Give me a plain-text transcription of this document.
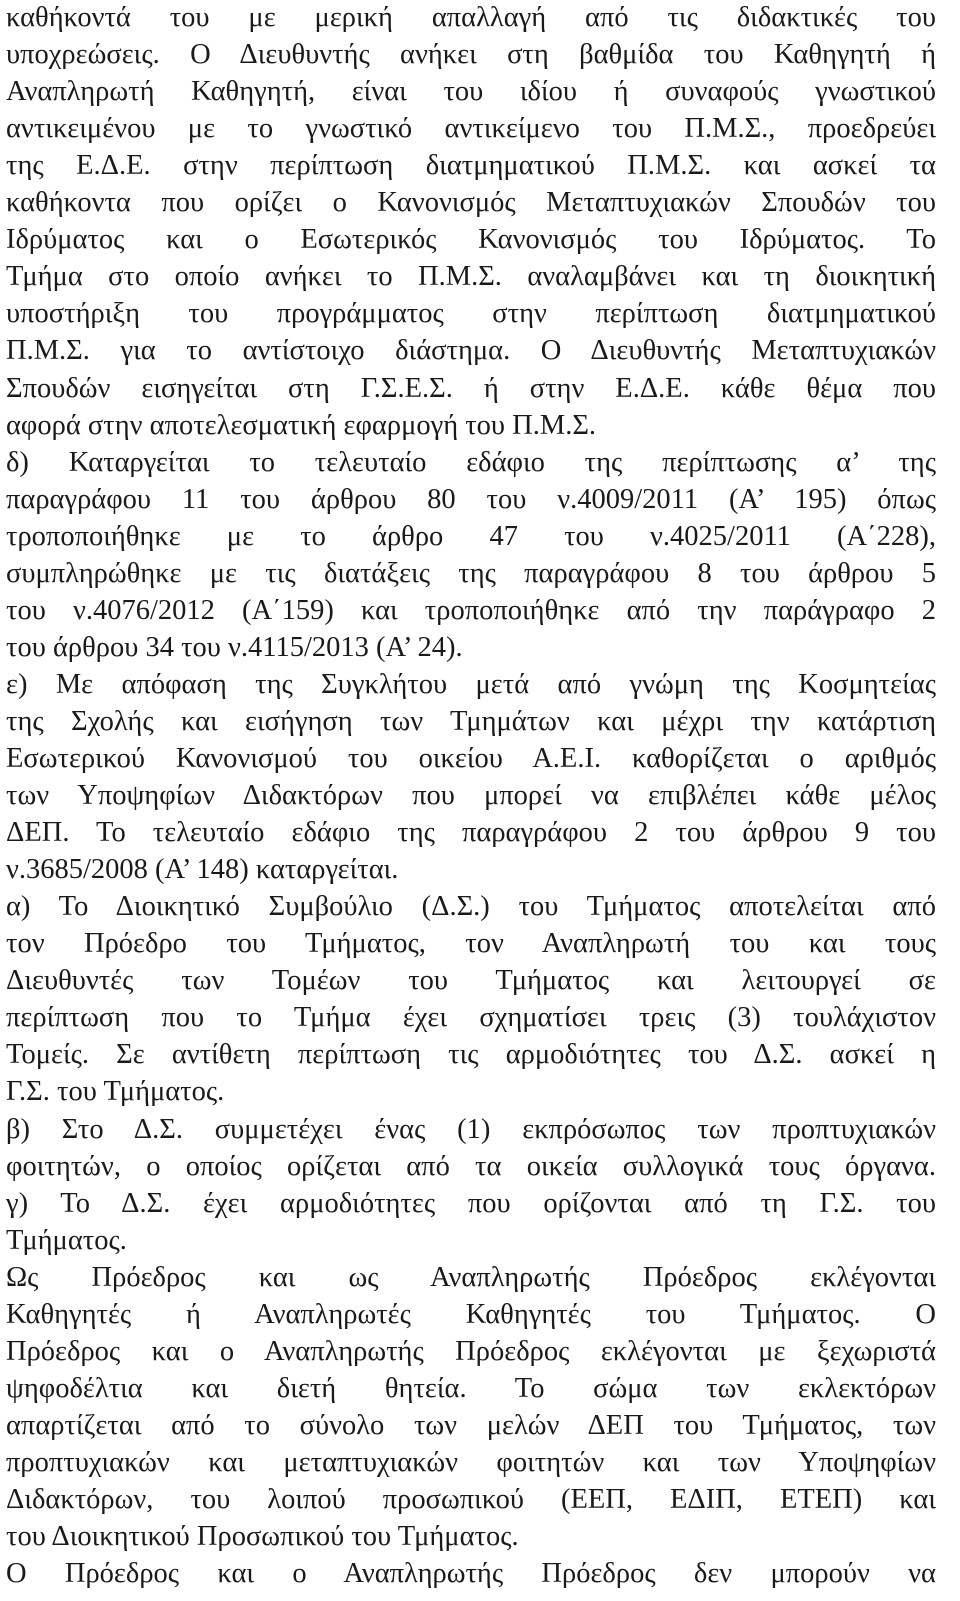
καθήκοντά του με μερική απαλλαγή από τις διδακτικές του
υποχρεώσεις. Ο Διευθυντής ανήκει στη βαθμίδα του Καθηγητή ή
Αναπληρωτή Καθηγητή, είναι του ιδίου ή συναφούς γνωστικού
αντικειμένου με το γνωστικό αντικείμενο του Π.Μ.Σ., προεδρεύει
της Ε.Δ.Ε. στην περίπτωση διατμηματικού Π.Μ.Σ. και ασκεί τα
καθήκοντα που ορίζει ο Κανονισμός Μεταπτυχιακών Σπουδών του
Ιδρύματος και ο Εσωτερικός Κανονισμός του Ιδρύματος. Το
Τμήμα στο οποίο ανήκει το Π.Μ.Σ. αναλαμβάνει και τη διοικητική
υποστήριξη του προγράμματος στην περίπτωση διατμηματικού
Π.Μ.Σ. για το αντίστοιχο διάστημα. Ο Διευθυντής Μεταπτυχιακών
Σπουδών εισηγείται στη Γ.Σ.Ε.Σ. ή στην Ε.Δ.Ε. κάθε θέμα που
αφορά στην αποτελεσματική εφαρμογή του Π.Μ.Σ.
δ) Καταργείται το τελευταίο εδάφιο της περίπτωσης α’ της
παραγράφου 11 του άρθρου 80 του ν.4009/2011 (Α’ 195) όπως
τροποποιήθηκε με το άρθρο 47 του ν.4025/2011 (Α΄228),
συμπληρώθηκε με τις διατάξεις της παραγράφου 8 του άρθρου 5
του ν.4076/2012 (Α΄159) και τροποποιήθηκε από την παράγραφο 2
του άρθρου 34 του ν.4115/2013 (Α’ 24).
ε) Με απόφαση της Συγκλήτου μετά από γνώμη της Κοσμητείας
της Σχολής και εισήγηση των Τμημάτων και μέχρι την κατάρτιση
Εσωτερικού Κανονισμού του οικείου Α.Ε.Ι. καθορίζεται ο αριθμός
των Υποψηφίων Διδακτόρων που μπορεί να επιβλέπει κάθε μέλος
ΔΕΠ. Το τελευταίο εδάφιο της παραγράφου 2 του άρθρου 9 του
ν.3685/2008 (Α’ 148) καταργείται.
α) Το Διοικητικό Συμβούλιο (Δ.Σ.) του Τμήματος αποτελείται από
τον Πρόεδρο του Τμήματος, τον Αναπληρωτή του και τους
Διευθυντές των Τομέων του Τμήματος και λειτουργεί σε
περίπτωση που το Τμήμα έχει σχηματίσει τρεις (3) τουλάχιστον
Τομείς. Σε αντίθετη περίπτωση τις αρμοδιότητες του Δ.Σ. ασκεί η
Γ.Σ. του Τμήματος.
β) Στο Δ.Σ. συμμετέχει ένας (1) εκπρόσωπος των προπτυχιακών
φοιτητών, ο οποίος ορίζεται από τα οικεία συλλογικά τους όργανα.
γ) Το Δ.Σ. έχει αρμοδιότητες που ορίζονται από τη Γ.Σ. του
Τμήματος.
Ως Πρόεδρος και ως Αναπληρωτής Πρόεδρος εκλέγονται
Καθηγητές ή Αναπληρωτές Καθηγητές του Τμήματος. Ο
Πρόεδρος και ο Αναπληρωτής Πρόεδρος εκλέγονται με ξεχωριστά
ψηφοδέλτια και διετή θητεία. Το σώμα των εκλεκτόρων
απαρτίζεται από το σύνολο των μελών ΔΕΠ του Τμήματος, των
προπτυχιακών και μεταπτυχιακών φοιτητών και των Υποψηφίων
Διδακτόρων, του λοιπού προσωπικού (ΕΕΠ, ΕΔΙΠ, ΕΤΕΠ) και
του Διοικητικού Προσωπικού του Τμήματος.
Ο Πρόεδρος και ο Αναπληρωτής Πρόεδρος δεν μπορούν να
